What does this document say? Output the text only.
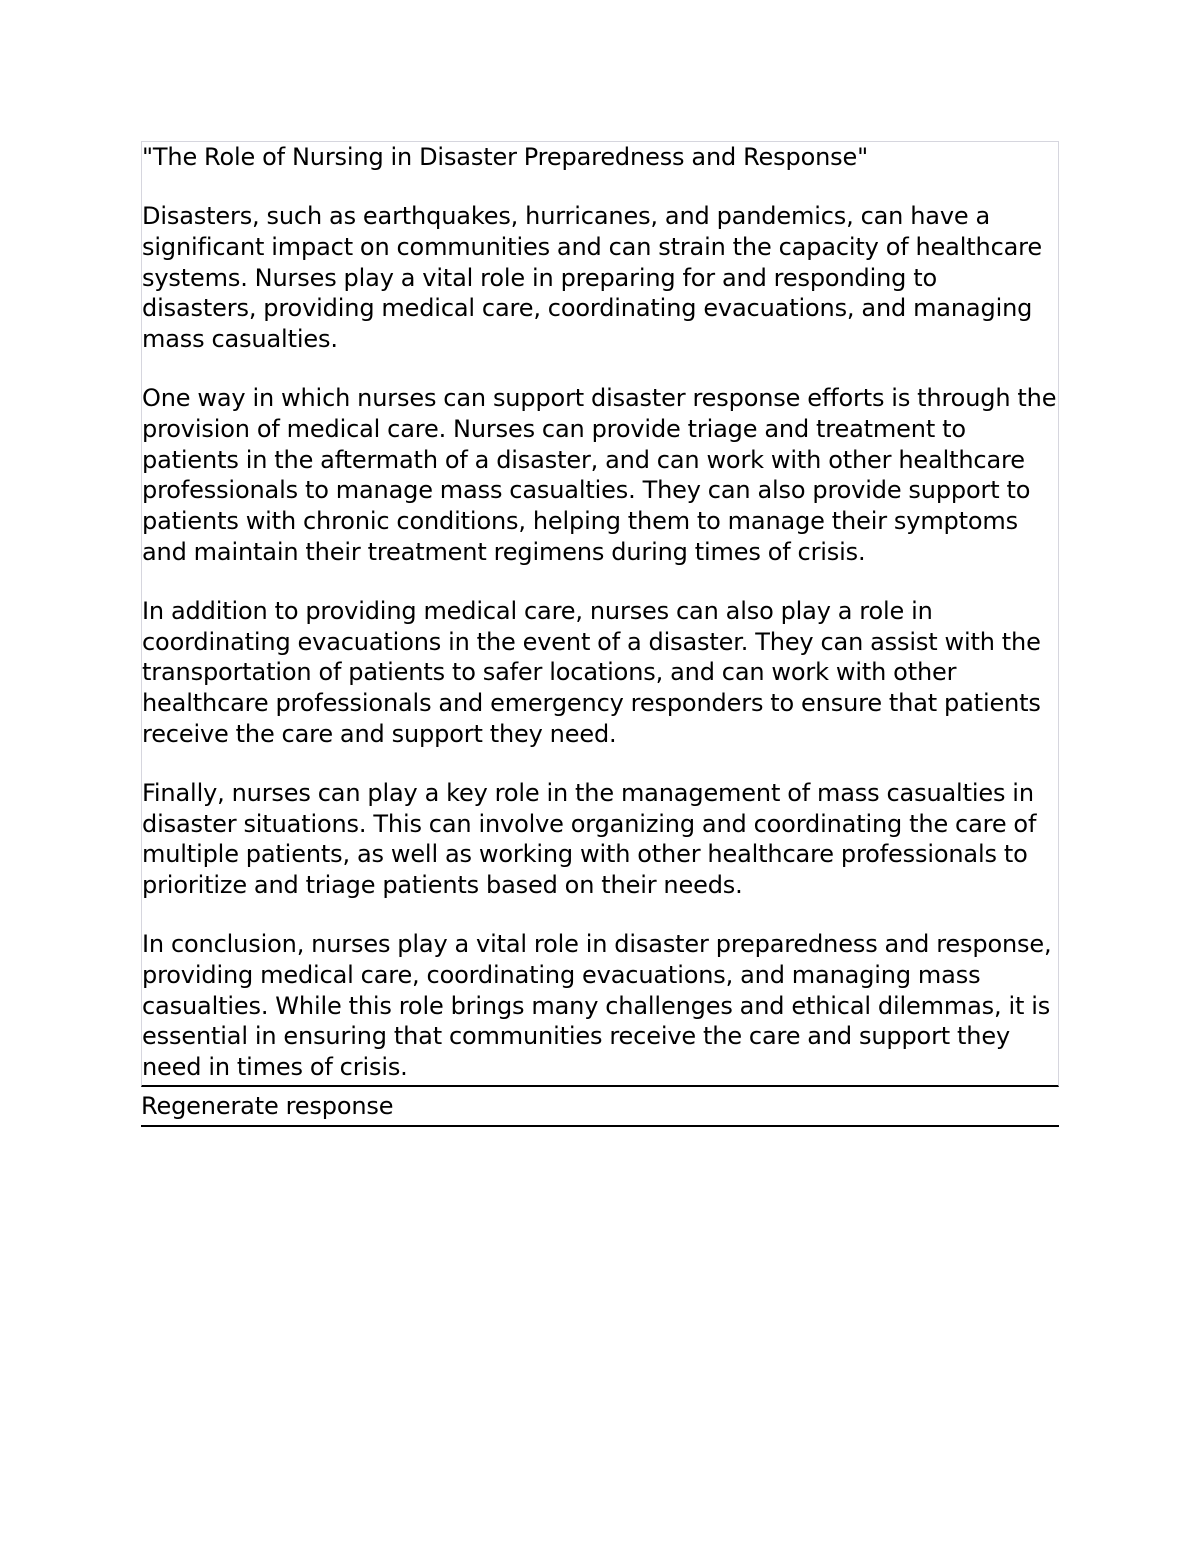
"The Role of Nursing in Disaster Preparedness and Response"

Disasters, such as earthquakes, hurricanes, and pandemics, can have a significant impact on communities and can strain the capacity of healthcare systems. Nurses play a vital role in preparing for and responding to disasters, providing medical care, coordinating evacuations, and managing mass casualties.

One way in which nurses can support disaster response efforts is through the provision of medical care. Nurses can provide triage and treatment to patients in the aftermath of a disaster, and can work with other healthcare professionals to manage mass casualties. They can also provide support to patients with chronic conditions, helping them to manage their symptoms and maintain their treatment regimens during times of crisis.

In addition to providing medical care, nurses can also play a role in coordinating evacuations in the event of a disaster. They can assist with the transportation of patients to safer locations, and can work with other healthcare professionals and emergency responders to ensure that patients receive the care and support they need.

Finally, nurses can play a key role in the management of mass casualties in disaster situations. This can involve organizing and coordinating the care of multiple patients, as well as working with other healthcare professionals to prioritize and triage patients based on their needs.

In conclusion, nurses play a vital role in disaster preparedness and response, providing medical care, coordinating evacuations, and managing mass casualties. While this role brings many challenges and ethical dilemmas, it is essential in ensuring that communities receive the care and support they need in times of crisis.

Regenerate response
